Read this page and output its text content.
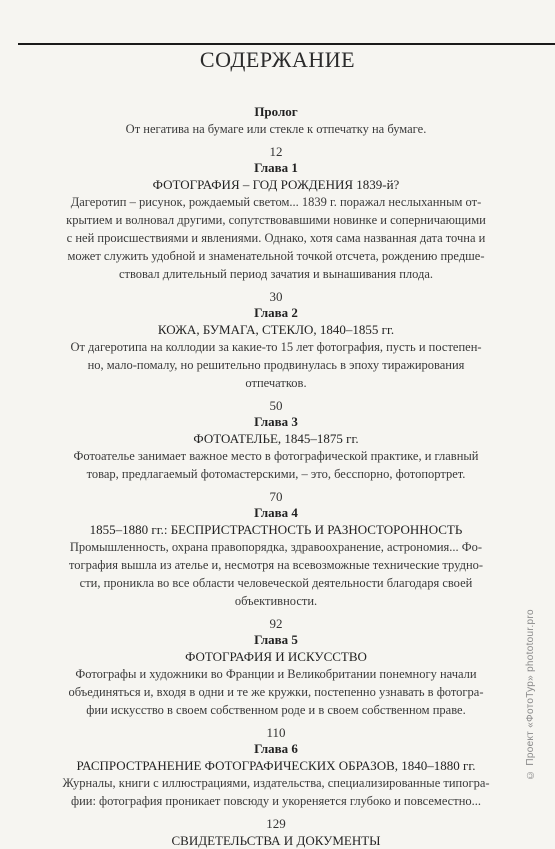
СОДЕРЖАНИЕ
Пролог
От негатива на бумаге или стекле к отпечатку на бумаге.
12
Глава 1
ФОТОГРАФИЯ – ГОД РОЖДЕНИЯ 1839-й?
Дагеротип – рисунок, рождаемый светом... 1839 г. поражал неслыханным от-
крытием и волновал другими, сопутствовавшими новинкe и соперничающими
с ней происшествиями и явлениями. Однако, хотя сама названная дата точна и
может служить удобной и знаменательной точкой отсчета, рождению предше-
ствовал длительный период зачатия и вынашивания плода.
30
Глава 2
КОЖА, БУМАГА, СТЕКЛО, 1840–1855 гг.
От дагеротипа на коллодии за какие-то 15 лет фотография, пусть и постепен-
но, мало-помалу, но решительно продвинулась в эпоху тиражирования
отпечатков.
50
Глава 3
ФОТОАТЕЛЬЕ, 1845–1875 гг.
Фотоателье занимает важное место в фотографической практике, и главный
товар, предлагаемый фотомастерскими, – это, бесспорно, фотопортрет.
70
Глава 4
1855–1880 гг.: БЕСПРИСТРАСТНОСТЬ И РАЗНОСТОРОННОСТЬ
Промышленность, охрана правопорядка, здравоохранение, астрономия... Фо-
тография вышла из ателье и, несмотря на всевозможные технические трудно-
сти, проникла во все области человеческой деятельности благодаря своей
объективности.
92
Глава 5
ФОТОГРАФИЯ И ИСКУССТВО
Фотографы и художники во Франции и Великобритании понемногу начали
объединяться и, входя в одни и те же кружки, постепенно узнавать в фотогра-
фии искусство в своем собственном роде и в своем собственном праве.
110
Глава 6
РАСПРОСТРАНЕНИЕ ФОТОГРАФИЧЕСКИХ ОБРАЗОВ, 1840–1880 гг.
Журналы, книги с иллюстрациями, издательства, специализированные типогра-
фии: фотография проникает повсюду и укореняется глубоко и повсеместно...
129
СВИДЕТЕЛЬСТВА И ДОКУМЕНТЫ
© Проект «ФотоТур» phototour.pro
